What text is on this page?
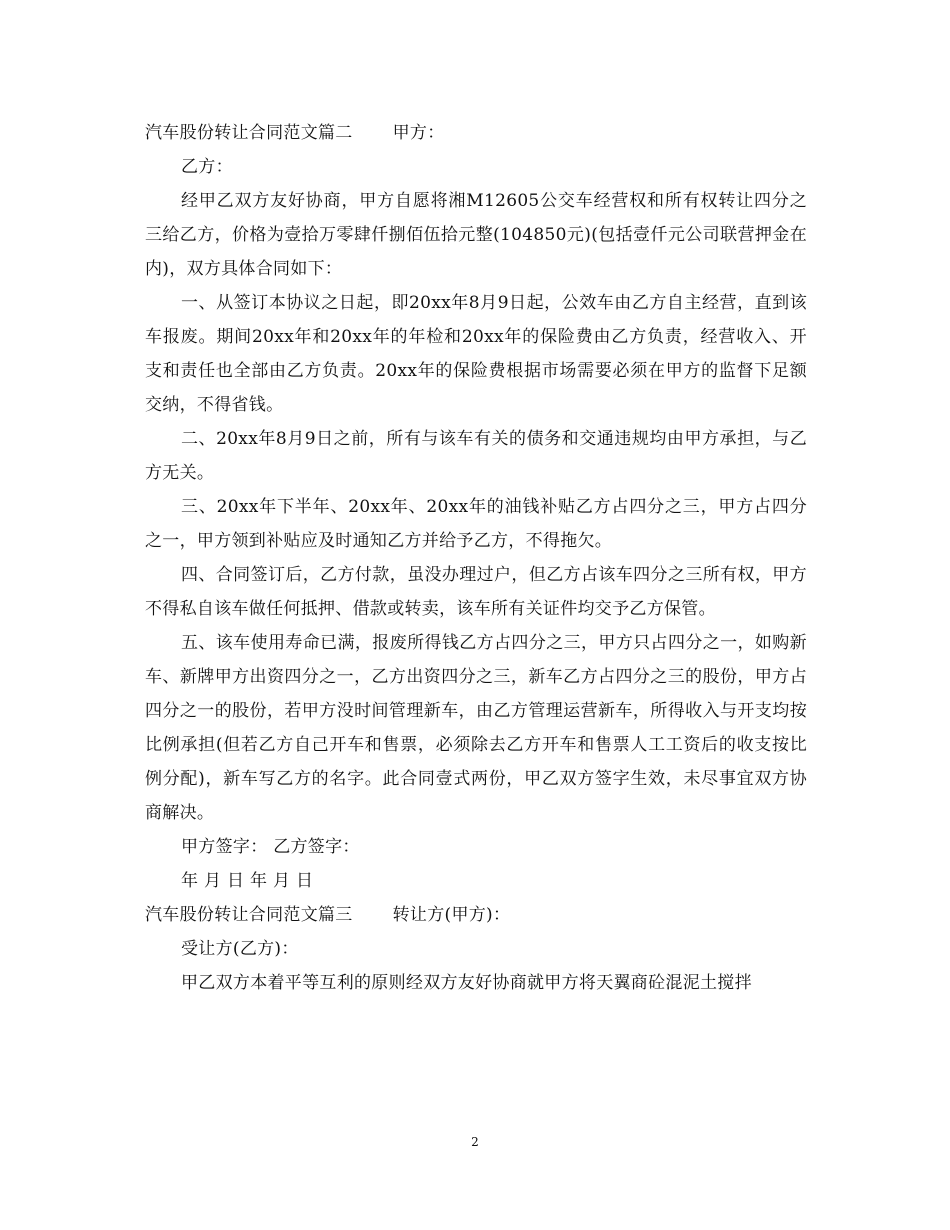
汽车股份转让合同范文篇二 甲方：

乙方：

经甲乙双方友好协商，甲方自愿将湘M12605公交车经营权和所有权转让四分之三给乙方，价格为壹拾万零肆仟捌佰伍拾元整(104850元)(包括壹仟元公司联营押金在内)，双方具体合同如下：

一、从签订本协议之日起，即20xx年8月9日起，公效车由乙方自主经营，直到该车报废。期间20xx年和20xx年的年检和20xx年的保险费由乙方负责，经营收入、开支和责任也全部由乙方负责。20xx年的保险费根据市场需要必须在甲方的监督下足额交纳，不得省钱。

二、20xx年8月9日之前，所有与该车有关的债务和交通违规均由甲方承担，与乙方无关。

三、20xx年下半年、20xx年、20xx年的油钱补贴乙方占四分之三，甲方占四分之一，甲方领到补贴应及时通知乙方并给予乙方，不得拖欠。

四、合同签订后，乙方付款，虽没办理过户，但乙方占该车四分之三所有权，甲方不得私自该车做任何抵押、借款或转卖，该车所有关证件均交予乙方保管。

五、该车使用寿命已满，报废所得钱乙方占四分之三，甲方只占四分之一，如购新车、新牌甲方出资四分之一，乙方出资四分之三，新车乙方占四分之三的股份，甲方占四分之一的股份，若甲方没时间管理新车，由乙方管理运营新车，所得收入与开支均按比例承担(但若乙方自己开车和售票，必须除去乙方开车和售票人工工资后的收支按比例分配)，新车写乙方的名字。此合同壹式两份，甲乙双方签字生效，未尽事宜双方协商解决。

甲方签字： 乙方签字：

年 月 日 年 月 日

汽车股份转让合同范文篇三 转让方(甲方)：

受让方(乙方)：

甲乙双方本着平等互利的原则经双方友好协商就甲方将天翼商砼混泥土搅拌

2
